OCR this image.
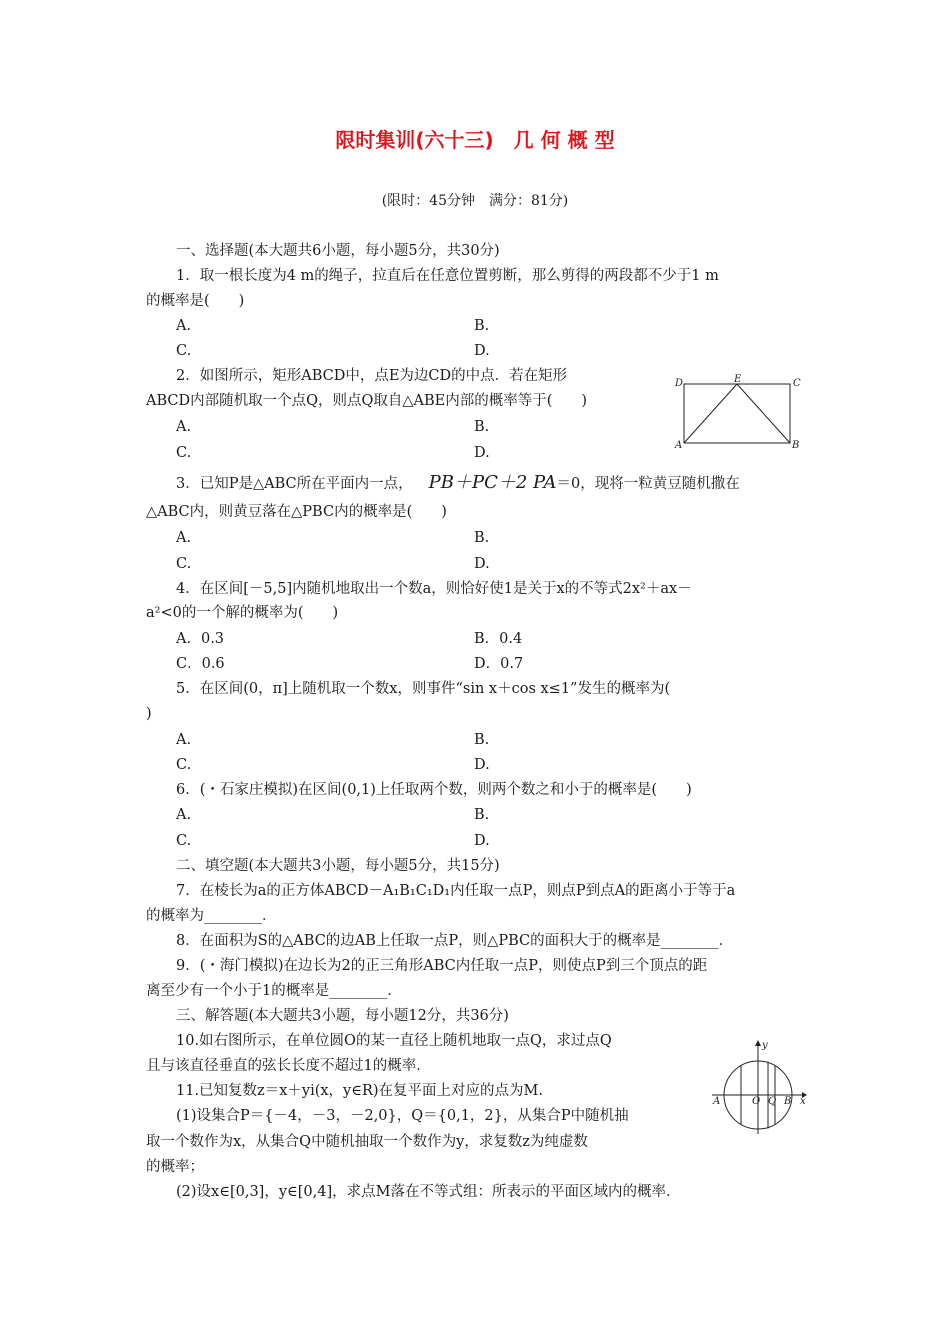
限时集训(六十三)　几 何 概 型
(限时：45分钟　满分：81分)
一、选择题(本大题共6小题，每小题5分，共30分)
1．取一根长度为4 m的绳子，拉直后在任意位置剪断，那么剪得的两段都不少于1 m
的概率是(　　)
A.	B.
C.	D.
2．如图所示，矩形ABCD中，点E为边CD的中点．若在矩形
ABCD内部随机取一个点Q，则点Q取自△ABE内部的概率等于(　　)
A.	B.
C.	D.
D	E	C
A	B
3．已知P是△ABC所在平面内一点， PB＋PC＋2 PA＝0，现将一粒黄豆随机撒在
△ABC内，则黄豆落在△PBC内的概率是(　　)
A.	B.
C.	D.
4．在区间[－5,5]内随机地取出一个数a，则恰好使1是关于x的不等式2x²＋ax－
a²<0的一个解的概率为(　　)
A．0.3	B．0.4
C．0.6	D．0.7
5．在区间(0，π]上随机取一个数x，则事件“sin x＋cos x≤1”发生的概率为(
)
A.	B.
C.	D.
6．(・石家庄模拟)在区间(0,1)上任取两个数，则两个数之和小于的概率是(　　)
A.	B.
C.	D.
二、填空题(本大题共3小题，每小题5分，共15分)
7．在棱长为a的正方体ABCD－A₁B₁C₁D₁内任取一点P，则点P到点A的距离小于等于a
的概率为________．
8．在面积为S的△ABC的边AB上任取一点P，则△PBC的面积大于的概率是________．
9．(・海门模拟)在边长为2的正三角形ABC内任取一点P，则使点P到三个顶点的距
离至少有一个小于1的概率是________．
三、解答题(本大题共3小题，每小题12分，共36分)
10.如右图所示，在单位圆O的某一直径上随机地取一点Q，求过点Q
且与该直径垂直的弦长长度不超过1的概率．
11.已知复数z＝x＋yi(x，y∈R)在复平面上对应的点为M.
(1)设集合P＝{－4，－3，－2,0}，Q＝{0,1，2}，从集合P中随机抽
取一个数作为x，从集合Q中随机抽取一个数作为y，求复数z为纯虚数
的概率；
(2)设x∈[0,3]，y∈[0,4]，求点M落在不等式组：所表示的平面区域内的概率．
y
x
A	O Q B
